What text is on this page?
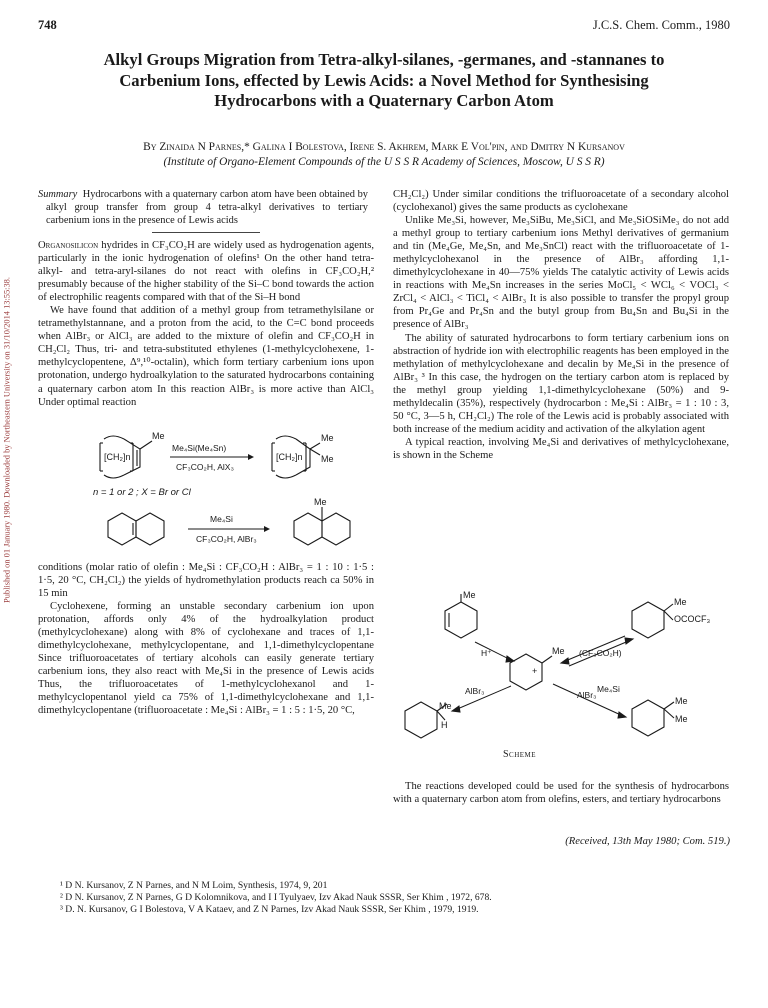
748	J.C.S. Chem. Comm., 1980
Alkyl Groups Migration from Tetra-alkyl-silanes, -germanes, and -stannanes to Carbenium Ions, effected by Lewis Acids: a Novel Method for Synthesising Hydrocarbons with a Quaternary Carbon Atom
By Zinaida N Parnes,* Galina I Bolestova, Irene S. Akhrem, Mark E Vol'pin, and Dmitry N Kursanov
(Institute of Organo-Element Compounds of the U S S R Academy of Sciences, Moscow, U S S R)
Published on 01 January 1980. Downloaded by Northeastern University on 31/10/2014 13:55:38.

Summary Hydrocarbons with a quaternary carbon atom have been obtained by alkyl group transfer from group 4 tetra-alkyl derivatives to tertiary carbenium ions in the presence of Lewis acids

Organosilicon hydrides in CF₃CO₂H are widely used as hydrogenation agents, particularly in the ionic hydrogenation of olefins¹ On the other hand tetra-alkyl- and tetra-aryl-silanes do not react with olefins in CF₃CO₂H,² presumably because of the higher stability of the Si–C bond towards the action of electrophilic reagents compared with that of the Si–H bond

We have found that addition of a methyl group from tetramethylsilane or tetramethylstannane, and a proton from the acid, to the C=C bond proceeds when AlBr₃ or AlCl₃ are added to the mixture of olefin and CF₃CO₂H in CH₂Cl₂ Thus, tri- and tetra-substituted ethylenes (1-methylcyclohexene, 1-methylcyclopentene, Δ⁹,¹⁰-octalin), which form tertiary carbenium ions upon protonation, undergo hydroalkylation to the saturated hydrocarbons containing a quaternary carbon atom In this reaction AlBr₃ is more active than AlCl₃ Under optimal reaction

[CH₂]n
Me
Me₄Si(Me₄Sn)
CF₃CO₂H, AlX₃
[CH₂]n
Me
Me
n = 1 or 2 ; X = Br or Cl
Me₄Si
CF₃CO₂H, AlBr₃
Me

conditions (molar ratio of olefin : Me₄Si : CF₃CO₂H : AlBr₃ = 1 : 10 : 1·5 : 1·5, 20 °C, CH₂Cl₂) the yields of hydromethylation products reach ca 50% in 15 min

Cyclohexene, forming an unstable secondary carbenium ion upon protonation, affords only 4% of the hydroalkylation product (methylcyclohexane) along with 8% of cyclohexane and traces of 1,1-dimethylcyclohexane, methylcyclopentane, and 1,1-dimethylcyclopentane Since trifluoroacetates of tertiary alcohols can easily generate tertiary carbenium ions, they also react with Me₄Si in the presence of Lewis acids Thus, the trifluoroacetates of 1-methylcyclohexanol and 1-methylcyclopentanol yield ca 75% of 1,1-dimethylcyclohexane and 1,1-dimethylcyclopentane (trifluoroacetate : Me₄Si : AlBr₃ = 1 : 5 : 1·5, 20 °C,

CH₂Cl₂) Under similar conditions the trifluoroacetate of a secondary alcohol (cyclohexanol) gives the same products as cyclohexane

Unlike Me₃Si, however, Me₃SiBu, Me₃SiCl, and Me₃SiOSiMe₃ do not add a methyl group to tertiary carbenium ions Methyl derivatives of germanium and tin (Me₄Ge, Me₄Sn, and Me₃SnCl) react with the trifluoroacetate of 1-methylcyclohexanol in the presence of AlBr₃ affording 1,1-dimethylcyclohexane in 40—75% yields The catalytic activity of Lewis acids in reactions with Me₄Sn increases in the series MoCl₅ < WCl₆ < VOCl₃ < ZrCl₄ < AlCl₃ < TiCl₄ < AlBr₃ It is also possible to transfer the propyl group from Pr₄Ge and Pr₄Sn and the butyl group from Bu₄Sn and Bu₄Si in the presence of AlBr₃

The ability of saturated hydrocarbons to form tertiary carbenium ions on abstraction of hydride ion with electrophilic reagents has been employed in the methylation of methylcyclohexane and decalin by Me₄Si in the presence of AlBr₃ ³ In this case, the hydrogen on the tertiary carbon atom is replaced by the methyl group yielding 1,1-dimethylcyclohexane (50%) and 9-methyldecalin (35%), respectively (hydrocarbon : Me₄Si : AlBr₃ = 1 : 10 : 3, 50 °C, 3—5 h, CH₂Cl₂) The role of the Lewis acid is probably associated with both increase of the medium acidity and activation of the alkylation agent

A typical reaction, involving Me₄Si and derivatives of methylcyclohexane, is shown in the Scheme

Me
Me
OCOCF₃
H⁺	(CF₃CO₂H)
Me
+
AlBr₃
Me
H
Me₄Si
AlBr₃
Me
Me
Scheme

The reactions developed could be used for the synthesis of hydrocarbons with a quaternary carbon atom from olefins, esters, and tertiary hydrocarbons

(Received, 13th May 1980; Com. 519.)
¹ D N. Kursanov, Z N Parnes, and N M Loim, Synthesis, 1974, 9, 201
² D N. Kursanov, Z N Parnes, G D Kolomnikova, and I I Tyulyaev, Izv Akad Nauk SSSR, Ser Khim , 1972, 678.
³ D. N. Kursanov, G I Bolestova, V A Kataev, and Z N Parnes, Izv Akad Nauk SSSR, Ser Khim , 1979, 1919.
